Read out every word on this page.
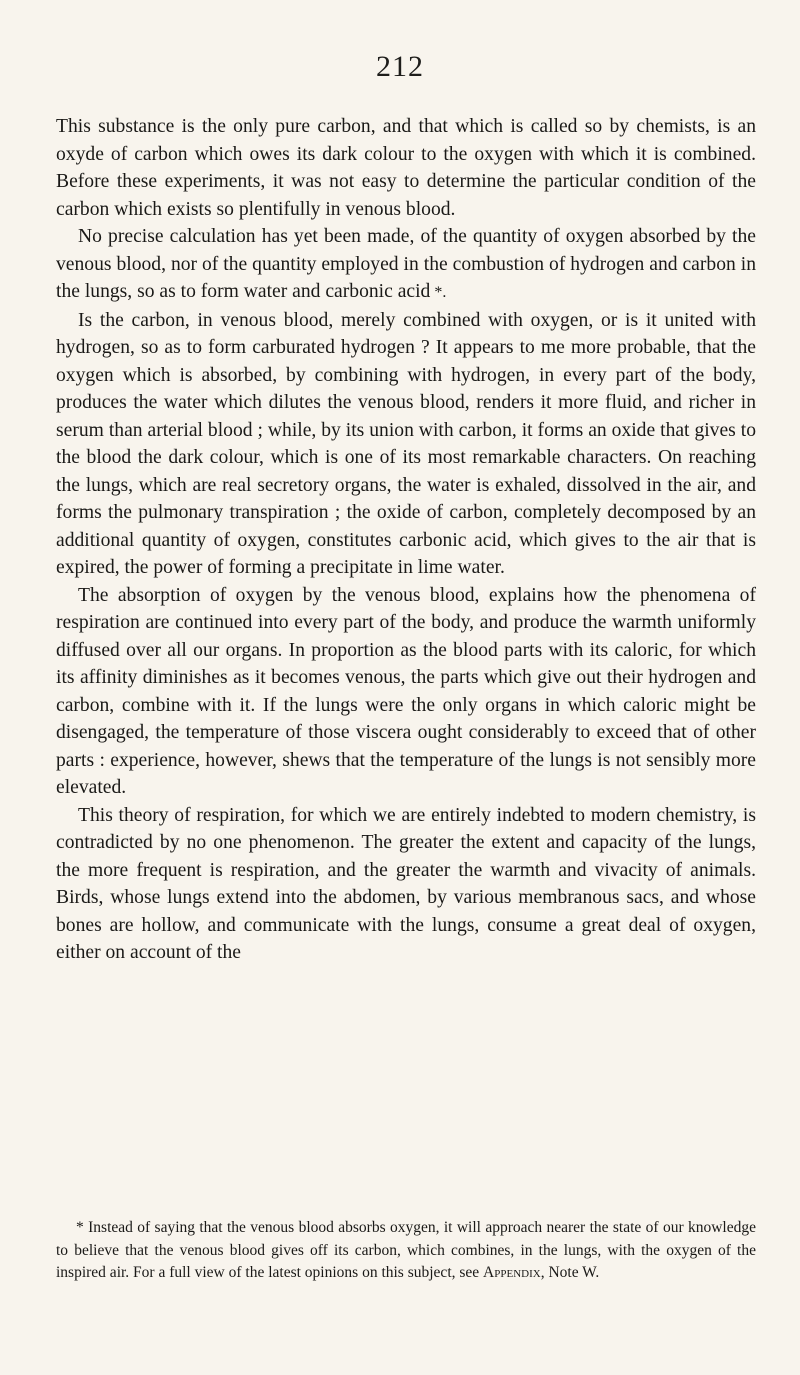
212

This substance is the only pure carbon, and that which is called so by chemists, is an oxyde of carbon which owes its dark colour to the oxygen with which it is combined. Before these experiments, it was not easy to determine the particular condition of the carbon which exists so plentifully in venous blood.

No precise calculation has yet been made, of the quantity of oxygen absorbed by the venous blood, nor of the quantity employed in the combustion of hydrogen and carbon in the lungs, so as to form water and carbonic acid *.

Is the carbon, in venous blood, merely combined with oxygen, or is it united with hydrogen, so as to form carburated hydrogen ? It appears to me more probable, that the oxygen which is absorbed, by combining with hydrogen, in every part of the body, produces the water which dilutes the venous blood, renders it more fluid, and richer in serum than arterial blood ; while, by its union with carbon, it forms an oxide that gives to the blood the dark colour, which is one of its most remarkable characters. On reaching the lungs, which are real secretory organs, the water is exhaled, dissolved in the air, and forms the pulmonary transpiration ; the oxide of carbon, completely decomposed by an additional quantity of oxygen, constitutes carbonic acid, which gives to the air that is expired, the power of forming a precipitate in lime water.

The absorption of oxygen by the venous blood, explains how the phenomena of respiration are continued into every part of the body, and produce the warmth uniformly diffused over all our organs. In proportion as the blood parts with its caloric, for which its affinity diminishes as it becomes venous, the parts which give out their hydrogen and carbon, combine with it. If the lungs were the only organs in which caloric might be disengaged, the temperature of those viscera ought considerably to exceed that of other parts : experience, however, shews that the temperature of the lungs is not sensibly more elevated.

This theory of respiration, for which we are entirely indebted to modern chemistry, is contradicted by no one phenomenon. The greater the extent and capacity of the lungs, the more frequent is respiration, and the greater the warmth and vivacity of animals. Birds, whose lungs extend into the abdomen, by various membranous sacs, and whose bones are hollow, and communicate with the lungs, consume a great deal of oxygen, either on account of the

* Instead of saying that the venous blood absorbs oxygen, it will approach nearer the state of our knowledge to believe that the venous blood gives off its carbon, which combines, in the lungs, with the oxygen of the inspired air. For a full view of the latest opinions on this subject, see Appendix, Note W.
